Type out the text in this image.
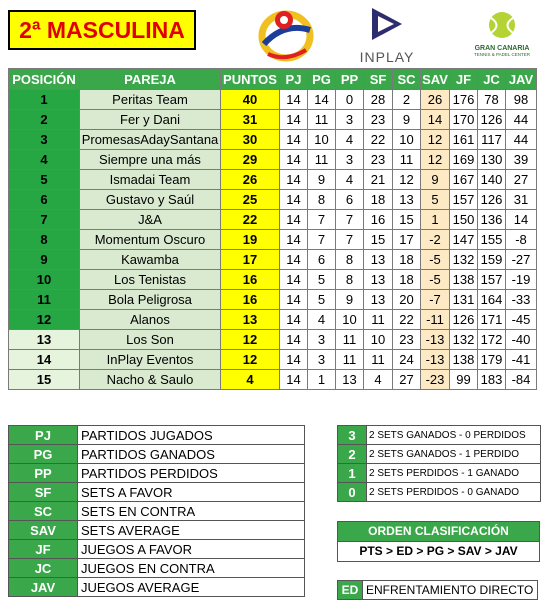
2ª MASCULINA
INPLAY
GRAN CANARIA
TENNIS & PADEL CENTER
POSICIÓN	PAREJA	PUNTOS	PJ	PG	PP	SF	SC	SAV	JF	JC	JAV
1	Peritas Team	40	14	14	0	28	2	26	176	78	98
2	Fer y Dani	31	14	11	3	23	9	14	170	126	44
3	PromesasAdaySantana	30	14	10	4	22	10	12	161	117	44
4	Siempre una más	29	14	11	3	23	11	12	169	130	39
5	Ismadai Team	26	14	9	4	21	12	9	167	140	27
6	Gustavo y Saúl	25	14	8	6	18	13	5	157	126	31
7	J&A	22	14	7	7	16	15	1	150	136	14
8	Momentum Oscuro	19	14	7	7	15	17	-2	147	155	-8
9	Kawamba	17	14	6	8	13	18	-5	132	159	-27
10	Los Tenistas	16	14	5	8	13	18	-5	138	157	-19
11	Bola Peligrosa	16	14	5	9	13	20	-7	131	164	-33
12	Alanos	13	14	4	10	11	22	-11	126	171	-45
13	Los Son	12	14	3	11	10	23	-13	132	172	-40
14	InPlay Eventos	12	14	3	11	11	24	-13	138	179	-41
15	Nacho & Saulo	4	14	1	13	4	27	-23	99	183	-84
PJ	PARTIDOS JUGADOS
PG	PARTIDOS GANADOS
PP	PARTIDOS PERDIDOS
SF	SETS A FAVOR
SC	SETS EN CONTRA
SAV	SETS AVERAGE
JF	JUEGOS A FAVOR
JC	JUEGOS EN CONTRA
JAV	JUEGOS AVERAGE
3	2 SETS GANADOS - 0 PERDIDOS
2	2 SETS GANADOS - 1 PERDIDO
1	2 SETS PERDIDOS - 1 GANADO
0	2 SETS PERDIDOS - 0 GANADO
ORDEN CLASIFICACIÓN
PTS > ED > PG > SAV > JAV
ED	ENFRENTAMIENTO DIRECTO
